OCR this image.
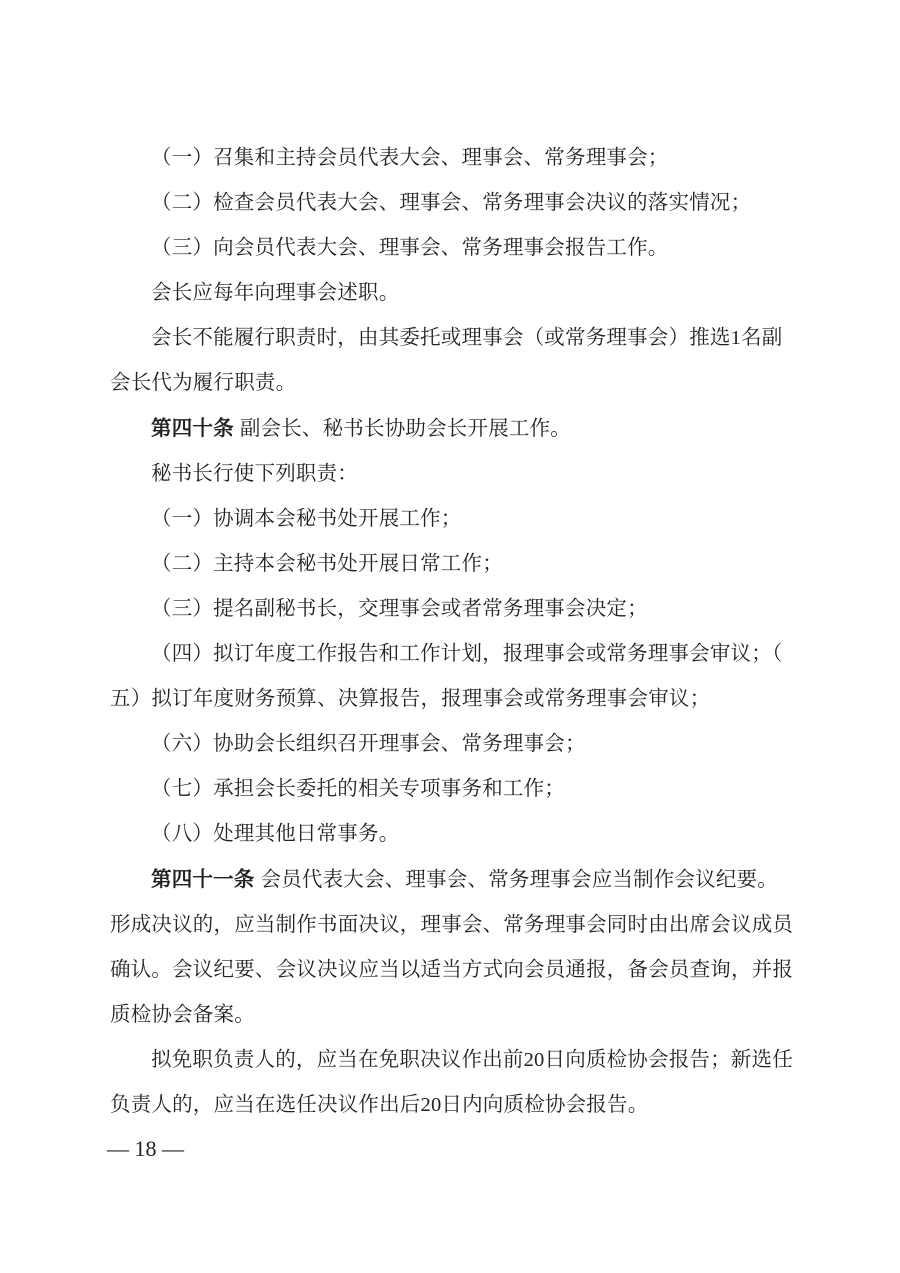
（一）召集和主持会员代表大会、理事会、常务理事会；

（二）检查会员代表大会、理事会、常务理事会决议的落实情况；

（三）向会员代表大会、理事会、常务理事会报告工作。

会长应每年向理事会述职。

会长不能履行职责时，由其委托或理事会（或常务理事会）推选1名副

会长代为履行职责。

第四十条 副会长、秘书长协助会长开展工作。

秘书长行使下列职责：

（一）协调本会秘书处开展工作；

（二）主持本会秘书处开展日常工作；

（三）提名副秘书长，交理事会或者常务理事会决定；

（四）拟订年度工作报告和工作计划，报理事会或常务理事会审议；（

五）拟订年度财务预算、决算报告，报理事会或常务理事会审议；

（六）协助会长组织召开理事会、常务理事会；

（七）承担会长委托的相关专项事务和工作；

（八）处理其他日常事务。

第四十一条 会员代表大会、理事会、常务理事会应当制作会议纪要。

形成决议的，应当制作书面决议，理事会、常务理事会同时由出席会议成员

确认。会议纪要、会议决议应当以适当方式向会员通报，备会员查询，并报

质检协会备案。

拟免职负责人的，应当在免职决议作出前20日向质检协会报告；新选任

负责人的，应当在选任决议作出后20日内向质检协会报告。

— 18 —
